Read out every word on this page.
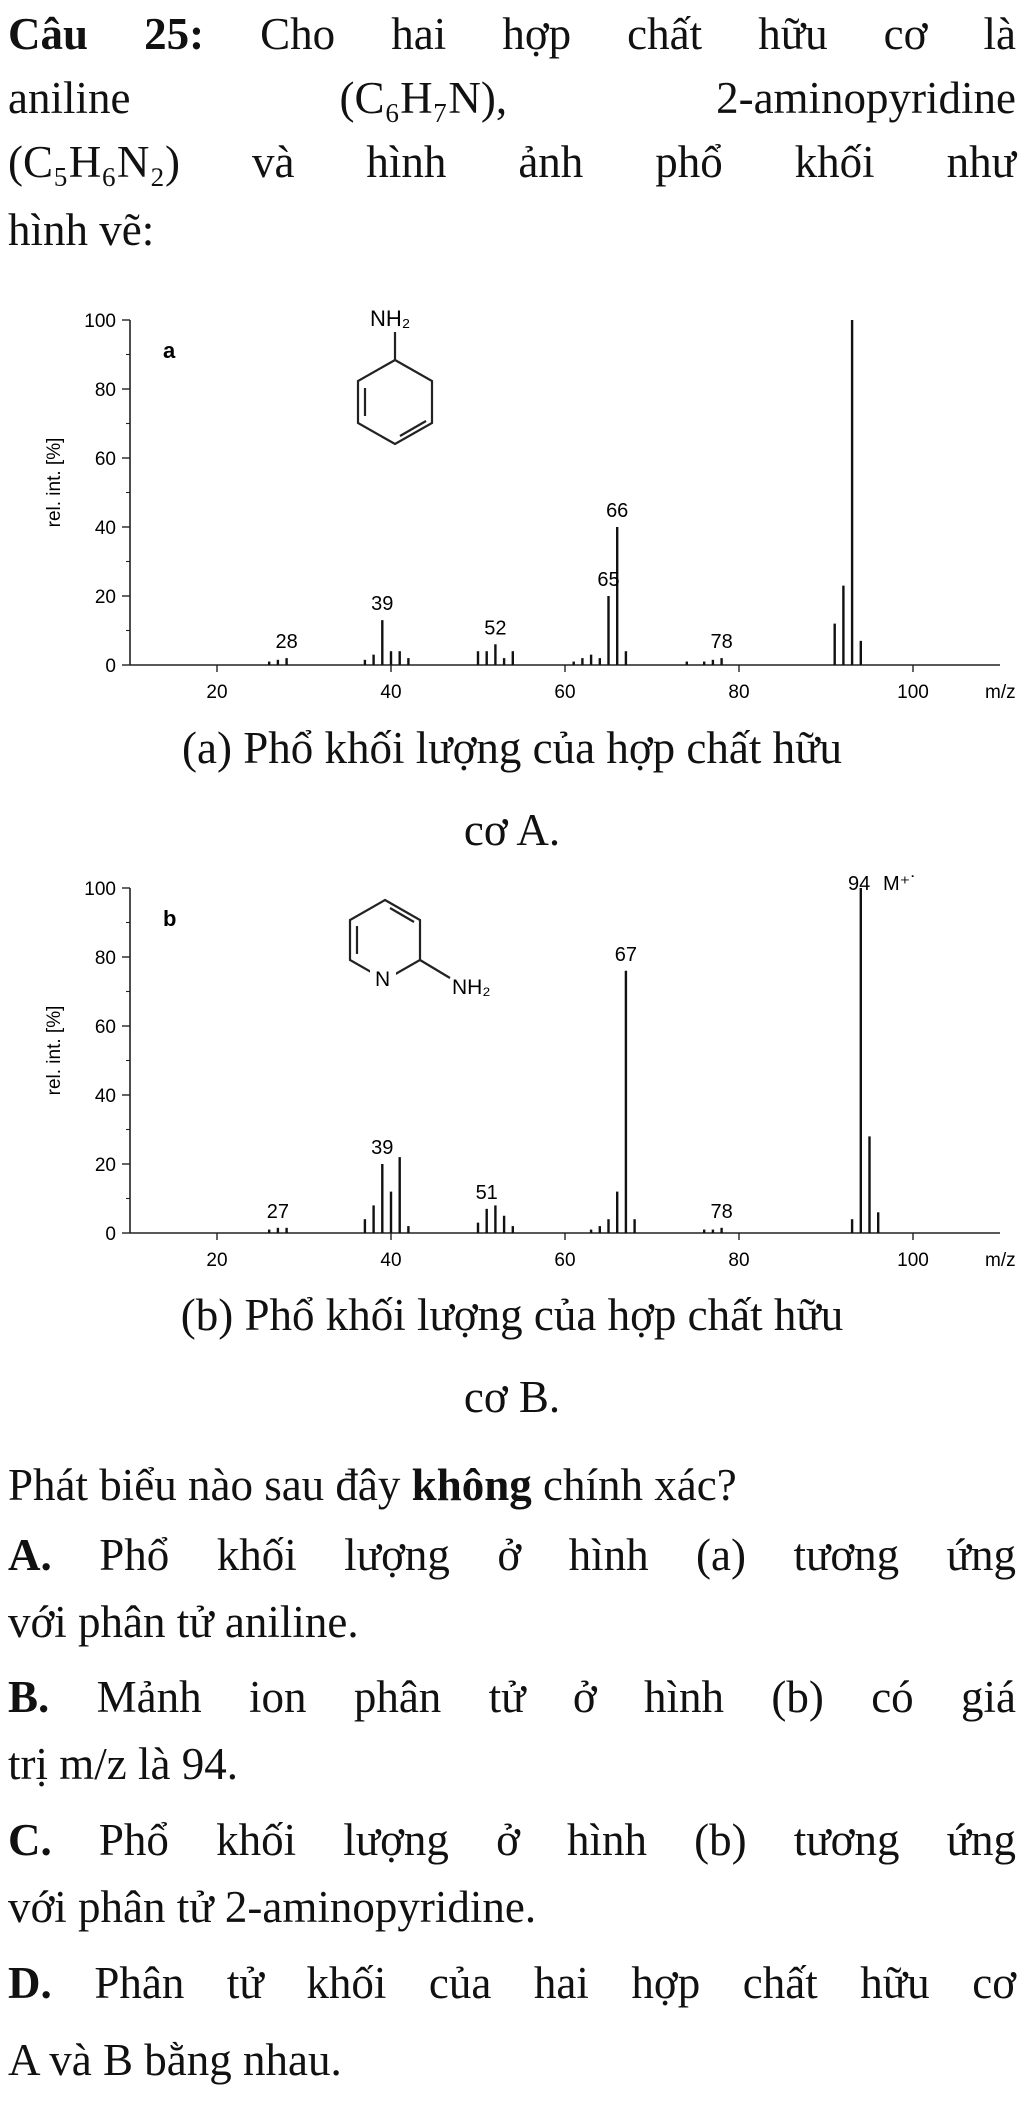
Câu 25: Cho hai hợp chất hữu cơ là
aniline	(C₆H₇N),	2-aminopyridine
(C₅H₆N₂) và hình ảnh phổ khối như
hình vẽ:
NH₂
a
0
20
40
60
80
100
20	40	60	80	100	m/z
rel. int. [%]
28
39
52
65
66
78
(a) Phổ khối lượng của hợp chất hữu
cơ A.
N	NH₂
b
94 M⁺˙
0
20
40
60
80
100
20	40	60	80	100	m/z
rel. int. [%]
27
39
51
67
78
(b) Phổ khối lượng của hợp chất hữu
cơ B.
Phát biểu nào sau đây không chính xác?
A. Phổ khối lượng ở hình (a) tương ứng
với phân tử aniline.
B. Mảnh ion phân tử ở hình (b) có giá
trị m/z là 94.
C. Phổ khối lượng ở hình (b) tương ứng
với phân tử 2-aminopyridine.
D. Phân tử khối của hai hợp chất hữu cơ
A và B bằng nhau.
